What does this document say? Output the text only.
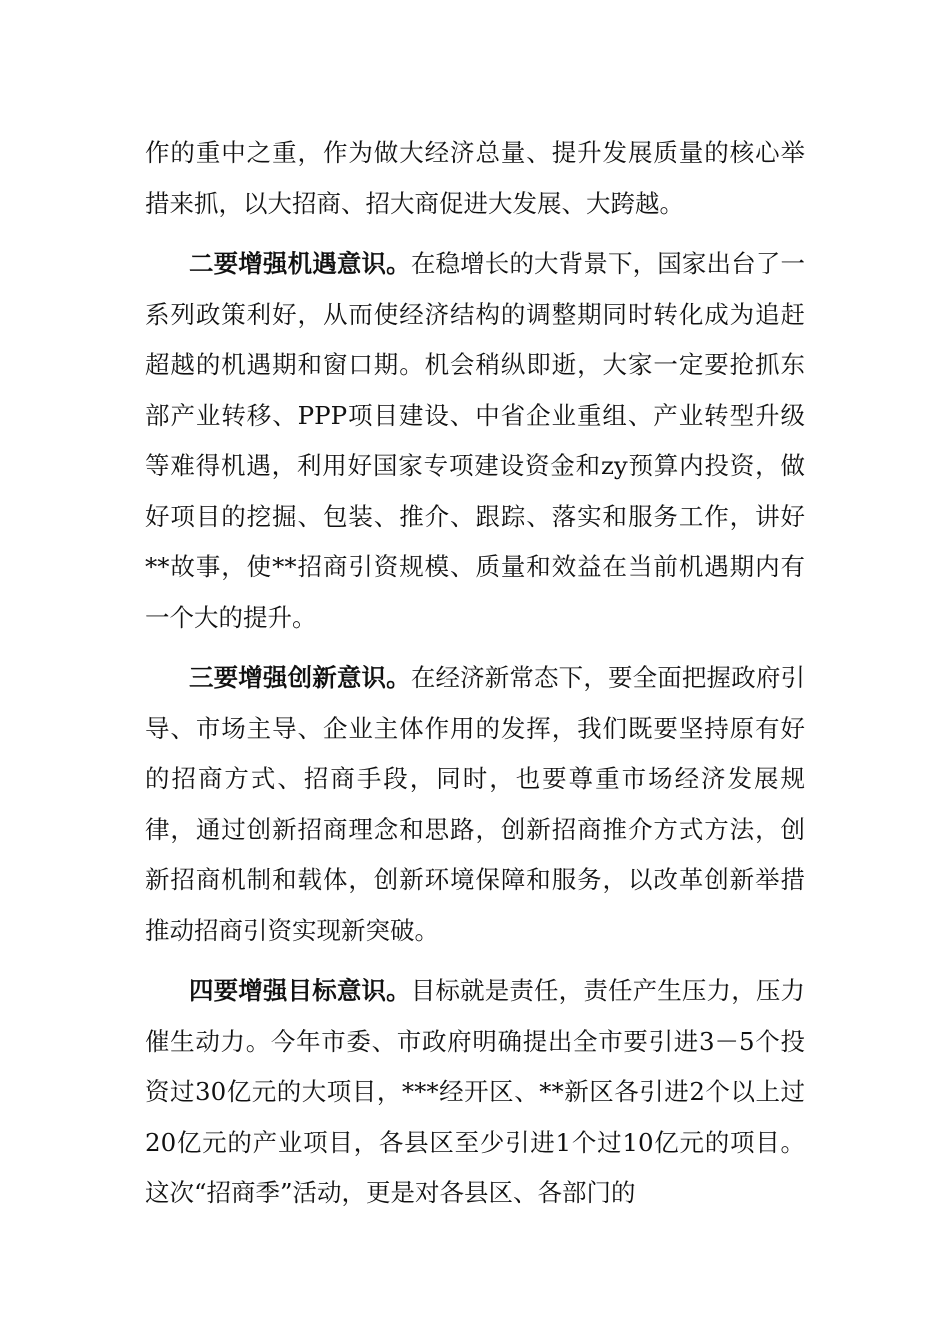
作的重中之重，作为做大经济总量、提升发展质量的核心举措来抓，以大招商、招大商促进大发展、大跨越。

二要增强机遇意识。在稳增长的大背景下，国家出台了一系列政策利好，从而使经济结构的调整期同时转化成为追赶超越的机遇期和窗口期。机会稍纵即逝，大家一定要抢抓东部产业转移、PPP项目建设、中省企业重组、产业转型升级等难得机遇，利用好国家专项建设资金和zy预算内投资，做好项目的挖掘、包装、推介、跟踪、落实和服务工作，讲好**故事，使**招商引资规模、质量和效益在当前机遇期内有一个大的提升。

三要增强创新意识。在经济新常态下，要全面把握政府引导、市场主导、企业主体作用的发挥，我们既要坚持原有好的招商方式、招商手段，同时，也要尊重市场经济发展规律，通过创新招商理念和思路，创新招商推介方式方法，创新招商机制和载体，创新环境保障和服务，以改革创新举措推动招商引资实现新突破。

四要增强目标意识。目标就是责任，责任产生压力，压力催生动力。今年市委、市政府明确提出全市要引进3－5个投资过30亿元的大项目，***经开区、**新区各引进2个以上过20亿元的产业项目，各县区至少引进1个过10亿元的项目。这次“招商季”活动，更是对各县区、各部门的
